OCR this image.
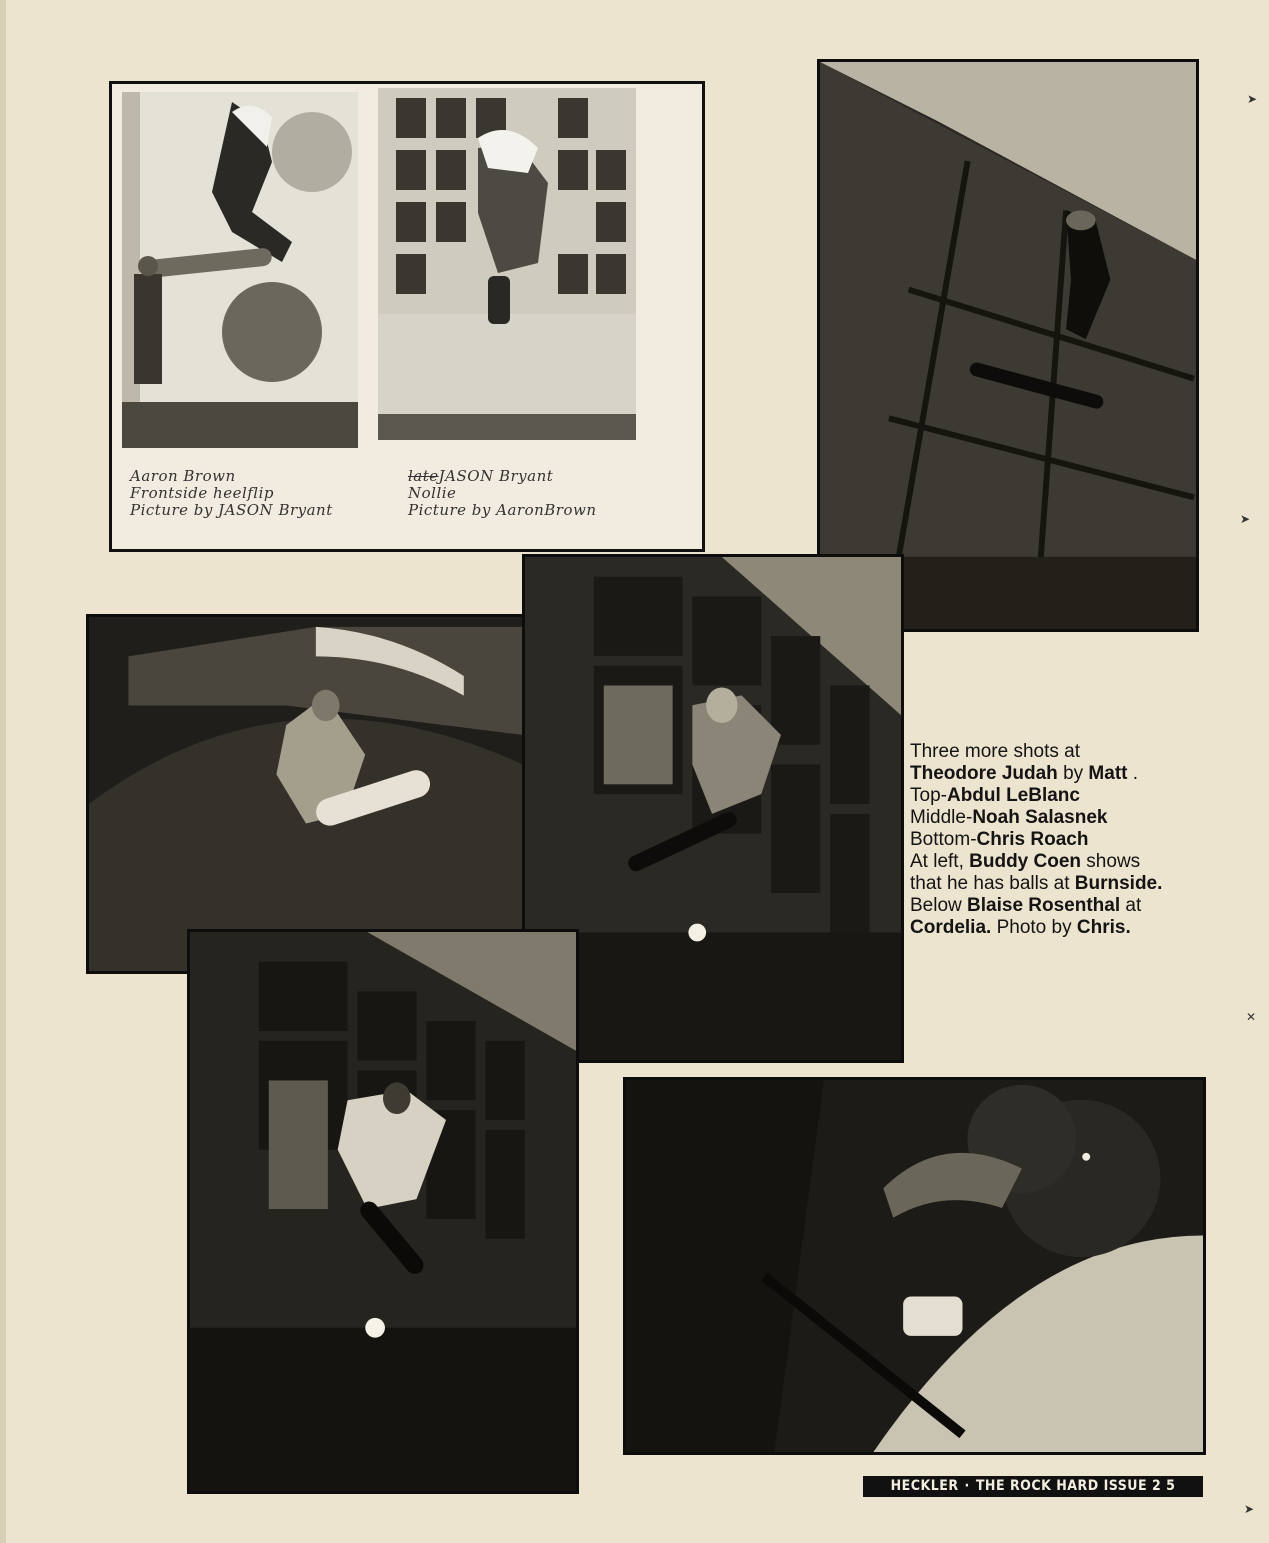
Aaron Brown
Frontside heelflip
Picture by JASON Bryant
lateJASON Bryant
Nollie
Picture by AaronBrown
Three more shots at
Theodore Judah by Matt .
Top-Abdul LeBlanc
Middle-Noah Salasnek
Bottom-Chris Roach
At left, Buddy Coen shows
that he has balls at Burnside.
Below Blaise Rosenthal at
Cordelia. Photo by Chris.
HECKLER · THE ROCK HARD ISSUE 2 5
➤
➤
✕
➤
